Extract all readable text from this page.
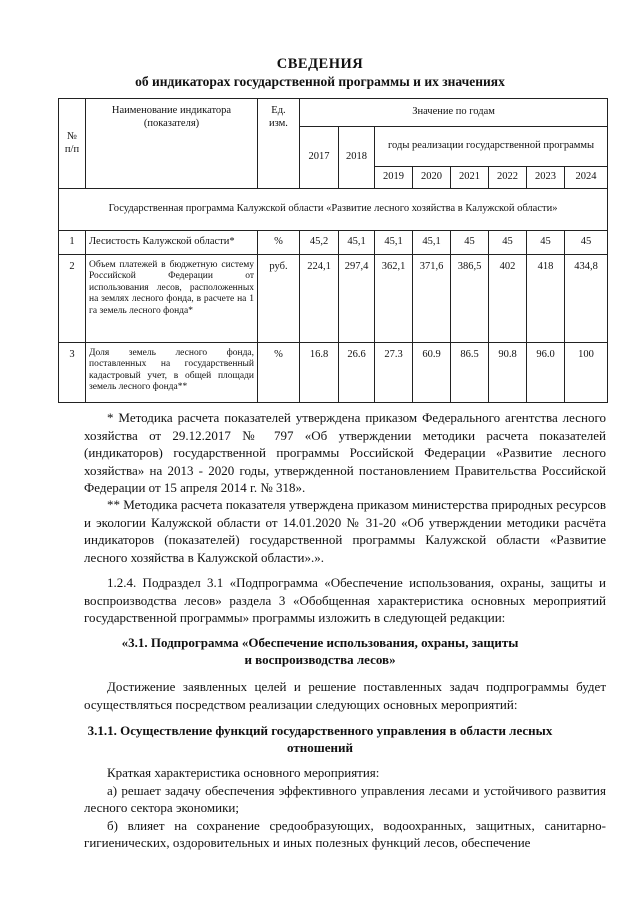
СВЕДЕНИЯ
об индикаторах государственной программы и их значениях
№ п/п	Наименование индикатора (показателя)	Ед. изм.	Значение по годам							
			2017	2018	годы реализации государственной программы					
					2019	2020	2021	2022	2023	2024
Государственная программа Калужской области «Развитие лесного хозяйства в Калужской области»										
1	Лесистость Калужской области*	%	45,2	45,1	45,1	45,1	45	45	45	45
2	Объем платежей в бюджетную систему Российской Федерации от использования лесов, расположенных на землях лесного фонда, в расчете на 1 га земель лесного фонда*	руб.	224,1	297,4	362,1	371,6	386,5	402	418	434,8
3	Доля земель лесного фонда, поставленных на государственный кадастровый учет, в общей площади земель лесного фонда**	%	16.8	26.6	27.3	60.9	86.5	90.8	96.0	100
* Методика расчета показателей утверждена приказом Федерального агентства лесного хозяйства от 29.12.2017 № 797 «Об утверждении методики расчета показателей (индикаторов) государственной программы Российской Федерации «Развитие лесного хозяйства» на 2013 - 2020 годы, утвержденной постановлением Правительства Российской Федерации от 15 апреля 2014 г. № 318».
** Методика расчета показателя утверждена приказом министерства природных ресурсов и экологии Калужской области от 14.01.2020 № 31-20 «Об утверждении методики расчёта индикаторов (показателей) государственной программы Калужской области «Развитие лесного хозяйства в Калужской области».».
1.2.4. Подраздел 3.1 «Подпрограмма «Обеспечение использования, охраны, защиты и воспроизводства лесов» раздела 3 «Обобщенная характеристика основных мероприятий государственной программы» программы изложить в следующей редакции:
«3.1. Подпрограмма «Обеспечение использования, охраны, защиты
и воспроизводства лесов»
Достижение заявленных целей и решение поставленных задач подпрограммы будет осуществляться посредством реализации следующих основных мероприятий:
3.1.1. Осуществление функций государственного управления в области лесных
отношений

Краткая характеристика основного мероприятия:

а) решает задачу обеспечения эффективного управления лесами и устойчивого развития лесного сектора экономики;

б) влияет на сохранение средообразующих, водоохранных, защитных, санитарно-гигиенических, оздоровительных и иных полезных функций лесов, обеспечение
